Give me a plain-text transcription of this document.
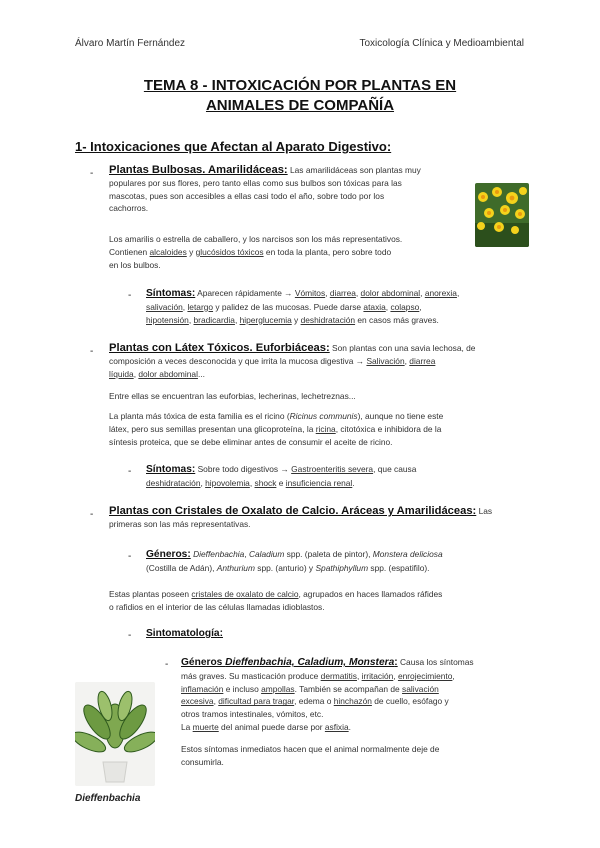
Álvaro Martín Fernández	Toxicología Clínica y Medioambiental
TEMA 8 - INTOXICACIÓN POR PLANTAS EN
ANIMALES DE COMPAÑÍA
1- Intoxicaciones que Afectan al Aparato Digestivo:
- Plantas Bulbosas. Amarilidáceas: Las amarilidáceas son plantas muy
populares por sus flores, pero tanto ellas como sus bulbos son tóxicas para las
mascotas, pues son accesibles a ellas casi todo el año, sobre todo por los
cachorros.
Los amarilis o estrella de caballero, y los narcisos son los más representativos.
Contienen alcaloides y glucósidos tóxicos en toda la planta, pero sobre todo
en los bulbos.
- Síntomas: Aparecen rápidamente → Vómitos, diarrea, dolor abdominal, anorexia,
salivación, letargo y palidez de las mucosas. Puede darse ataxia, colapso,
hipotensión, bradicardia, hiperglucemia y deshidratación en casos más graves.
- Plantas con Látex Tóxicos. Euforbiáceas: Son plantas con una savia lechosa, de
composición a veces desconocida y que irrita la mucosa digestiva → Salivación, diarrea
líquida, dolor abdominal...
Entre ellas se encuentran las euforbias, lecherinas, lechetreznas...
La planta más tóxica de esta familia es el ricino (Ricinus communis), aunque no tiene este
látex, pero sus semillas presentan una glicoproteína, la ricina, citotóxica e inhibidora de la
síntesis proteica, que se debe eliminar antes de consumir el aceite de ricino.
- Síntomas: Sobre todo digestivos → Gastroenteritis severa, que causa
deshidratación, hipovolemia, shock e insuficiencia renal.
- Plantas con Cristales de Oxalato de Calcio. Aráceas y Amarilidáceas: Las
primeras son las más representativas.
- Géneros: Dieffenbachia, Caladium spp. (paleta de pintor), Monstera deliciosa
(Costilla de Adán), Anthurium spp. (anturio) y Spathiphyllum spp. (espatifilo).
Estas plantas poseen cristales de oxalato de calcio, agrupados en haces llamados ráfides
o rafidios en el interior de las células llamadas idioblastos.
- Sintomatología:
- Géneros Dieffenbachia, Caladium, Monstera: Causa los síntomas
más graves. Su masticación produce dermatitis, irritación, enrojecimiento,
inflamación e incluso ampollas. También se acompañan de salivación
excesiva, dificultad para tragar, edema o hinchazón de cuello, esófago y
otros tramos intestinales, vómitos, etc.
La muerte del animal puede darse por asfixia.
Estos síntomas inmediatos hacen que el animal normalmente deje de
consumirla.
Dieffenbachia
